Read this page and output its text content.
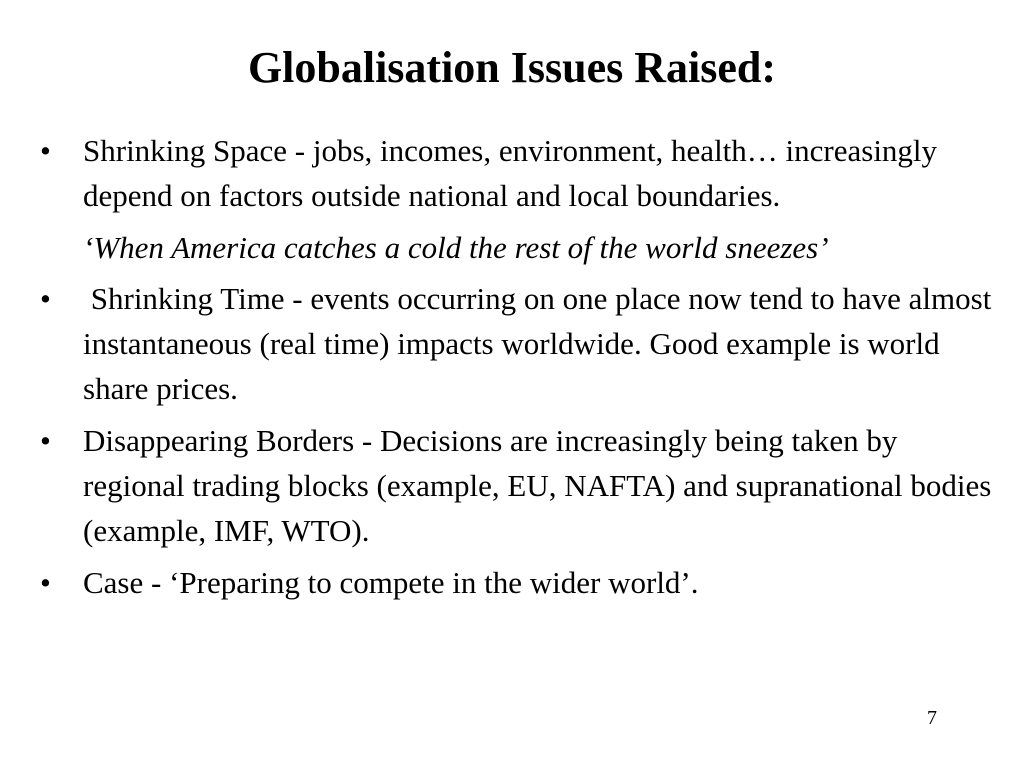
Globalisation Issues Raised:
•	Shrinking Space - jobs, incomes, environment, health… increasingly depend on factors outside national and local boundaries.
‘When America catches a cold the rest of the world sneezes’
•	Shrinking Time - events occurring on one place now tend to have almost instantaneous (real time) impacts worldwide. Good example is world share prices.
•	Disappearing Borders - Decisions are increasingly being taken by regional trading blocks (example, EU, NAFTA) and supranational bodies (example, IMF, WTO).
•	Case - ‘Preparing to compete in the wider world’.
7
